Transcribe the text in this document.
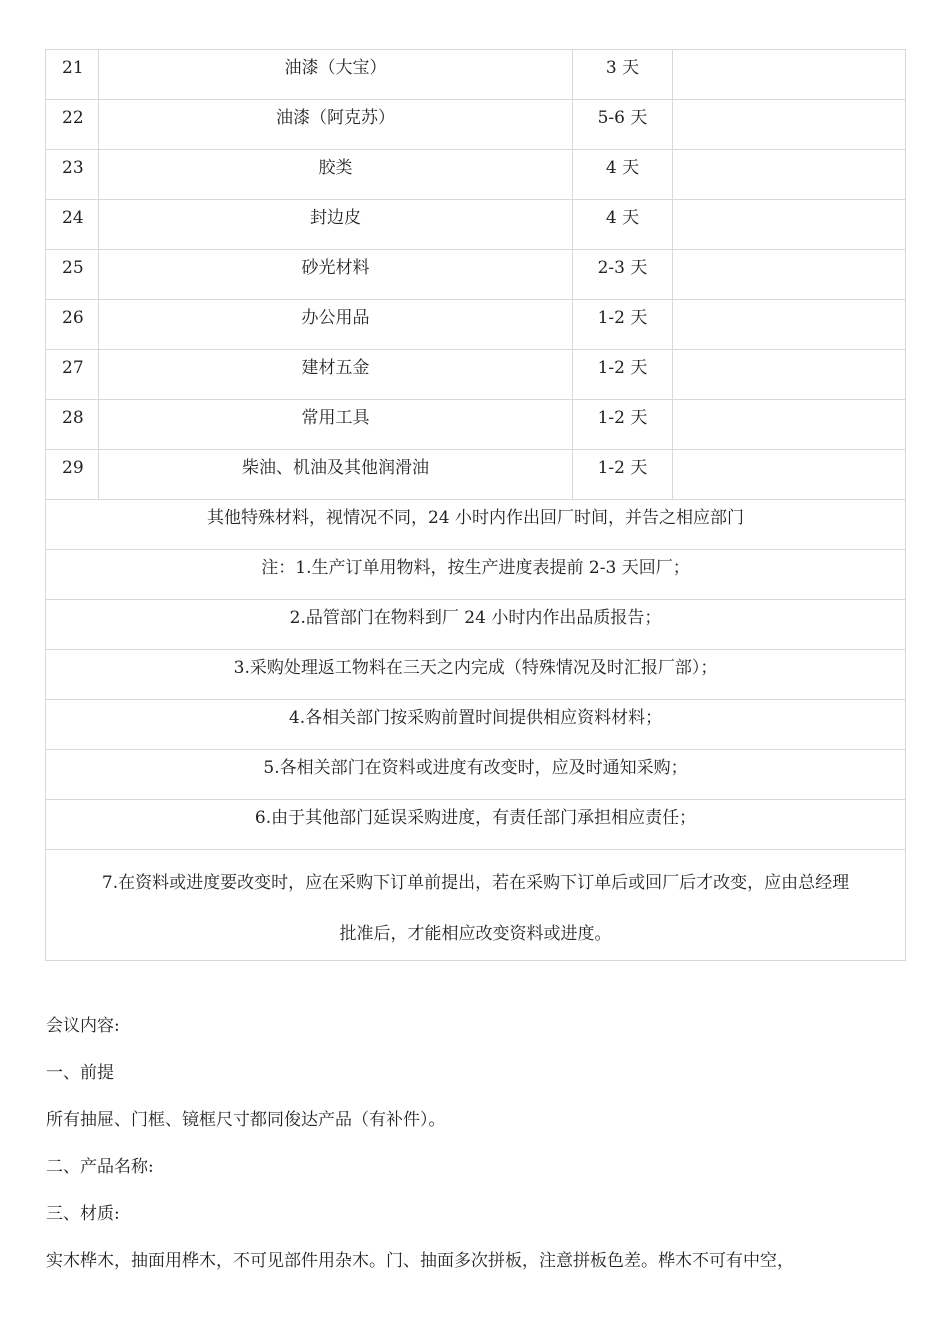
21	油漆（大宝）	3 天	
22	油漆（阿克苏）	5-6 天	
23	胶类	4 天	
24	封边皮	4 天	
25	砂光材料	2-3 天	
26	办公用品	1-2 天	
27	建材五金	1-2 天	
28	常用工具	1-2 天	
29	柴油、机油及其他润滑油	1-2 天	
其他特殊材料，视情况不同，24 小时内作出回厂时间，并告之相应部门			
注：1.生产订单用物料，按生产进度表提前 2-3 天回厂；			
2.品管部门在物料到厂 24 小时内作出品质报告；			
3.采购处理返工物料在三天之内完成（特殊情况及时汇报厂部）；			
4.各相关部门按采购前置时间提供相应资料材料；			
5.各相关部门在资料或进度有改变时，应及时通知采购；			
6.由于其他部门延误采购进度，有责任部门承担相应责任；			
7.在资料或进度要改变时，应在采购下订单前提出，若在采购下订单后或回厂后才改变，应由总经理
批准后，才能相应改变资料或进度。			
会议内容:
一、前提
所有抽屉、门框、镜框尺寸都同俊达产品（有补件）。
二、产品名称:
三、材质:
实木桦木，抽面用桦木，不可见部件用杂木。门、抽面多次拼板，注意拼板色差。桦木不可有中空，
